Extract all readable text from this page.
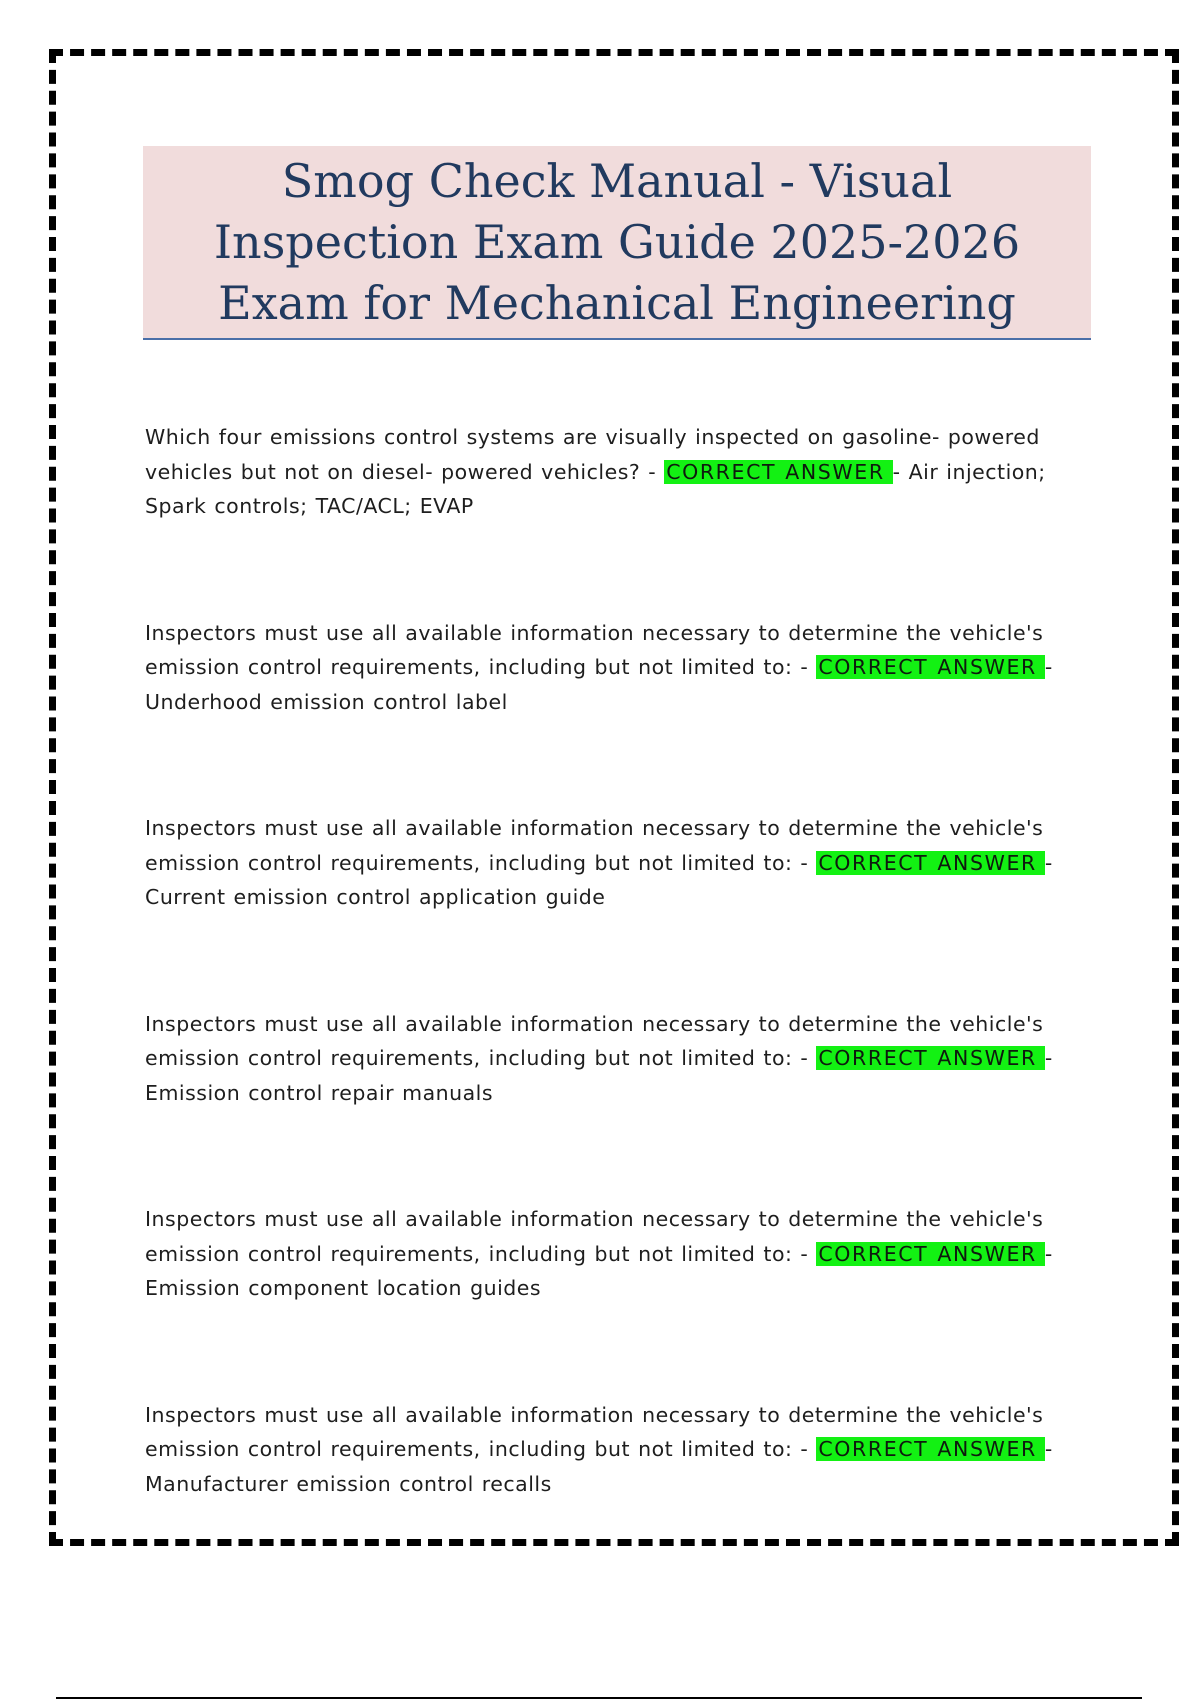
Smog Check Manual - Visual Inspection Exam Guide 2025-2026 Exam for Mechanical Engineering

Which four emissions control systems are visually inspected on gasoline- powered vehicles but not on diesel- powered vehicles? - CORRECT ANSWER - Air injection; Spark controls; TAC/ACL; EVAP

Inspectors must use all available information necessary to determine the vehicle's emission control requirements, including but not limited to: - CORRECT ANSWER - Underhood emission control label

Inspectors must use all available information necessary to determine the vehicle's emission control requirements, including but not limited to: - CORRECT ANSWER - Current emission control application guide

Inspectors must use all available information necessary to determine the vehicle's emission control requirements, including but not limited to: - CORRECT ANSWER - Emission control repair manuals

Inspectors must use all available information necessary to determine the vehicle's emission control requirements, including but not limited to: - CORRECT ANSWER - Emission component location guides

Inspectors must use all available information necessary to determine the vehicle's emission control requirements, including but not limited to: - CORRECT ANSWER - Manufacturer emission control recalls
